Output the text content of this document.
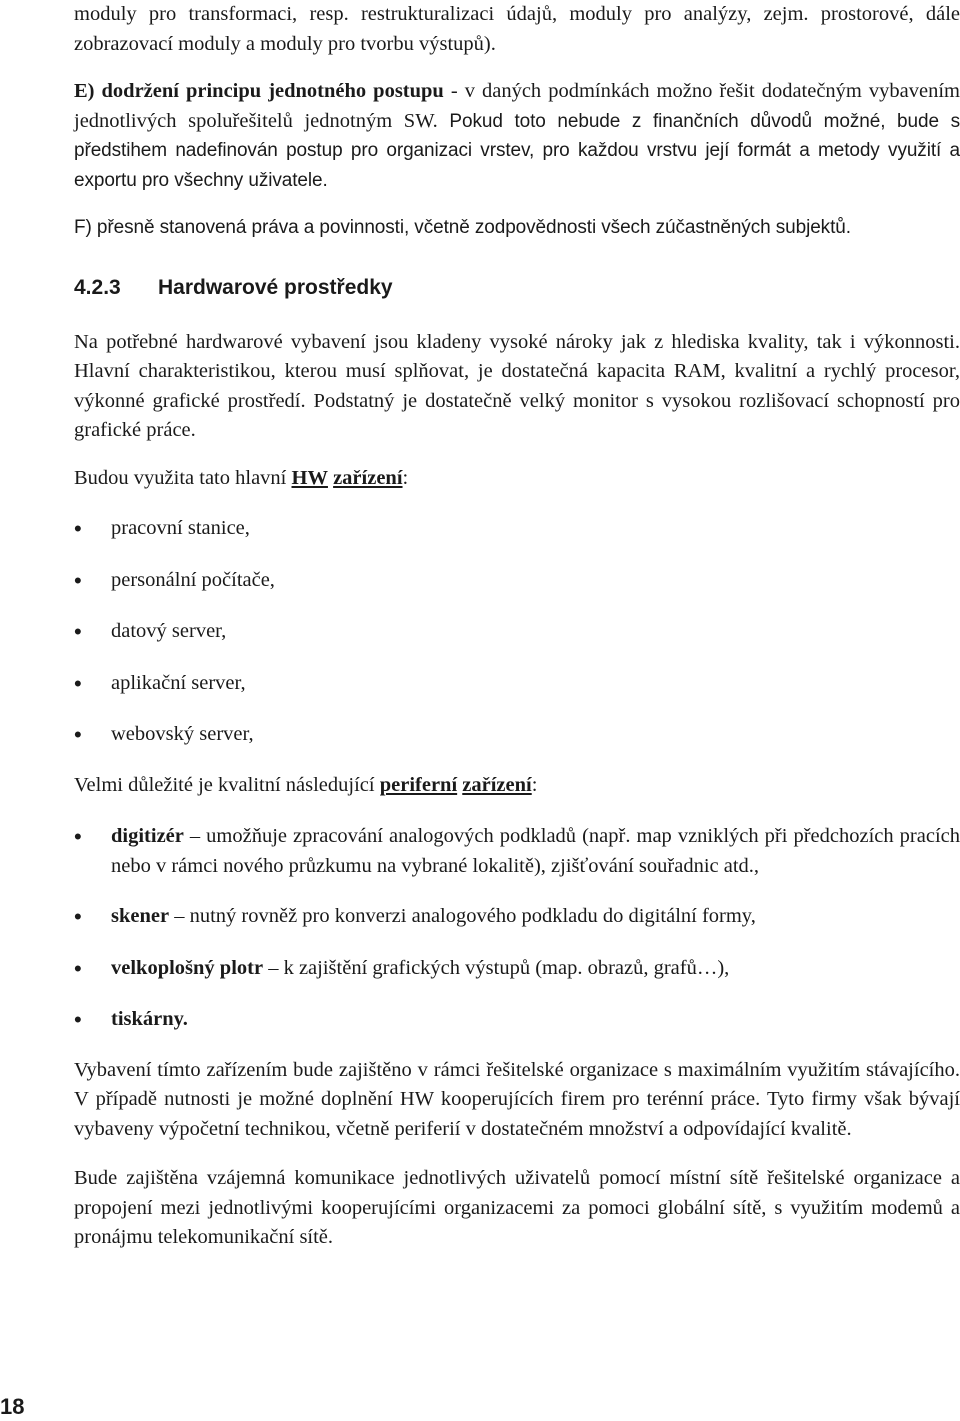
moduly pro transformaci, resp. restrukturalizaci údajů, moduly pro analýzy, zejm. prostorové, dále zobrazovací moduly a moduly pro tvorbu výstupů).

E) dodržení principu jednotného postupu - v daných podmínkách možno řešit dodatečným vybavením jednotlivých spoluřešitelů jednotným SW. Pokud toto nebude z finančních důvodů možné, bude s předstihem nadefinován postup pro organizaci vrstev, pro každou vrstvu její formát a metody využití a exportu pro všechny uživatele.

F) přesně stanovená práva a povinnosti, včetně zodpovědnosti všech zúčastněných subjektů.

4.2.3 Hardwarové prostředky

Na potřebné hardwarové vybavení jsou kladeny vysoké nároky jak z hlediska kvality, tak i výkonnosti. Hlavní charakteristikou, kterou musí splňovat, je dostatečná kapacita RAM, kvalitní a rychlý procesor, výkonné grafické prostředí. Podstatný je dostatečně velký monitor s vysokou rozlišovací schopností pro grafické práce.

Budou využita tato hlavní HW zařízení:

• pracovní stanice,
• personální počítače,
• datový server,
• aplikační server,
• webovský server,

Velmi důležité je kvalitní následující periferní zařízení:

• digitizér – umožňuje zpracování analogových podkladů (např. map vzniklých při předchozích pracích nebo v rámci nového průzkumu na vybrané lokalitě), zjišťování souřadnic atd.,
• skener – nutný rovněž pro konverzi analogového podkladu do digitální formy,
• velkoplošný plotr – k zajištění grafických výstupů (map. obrazů, grafů…),
• tiskárny.

Vybavení tímto zařízením bude zajištěno v rámci řešitelské organizace s maximálním využitím stávajícího. V případě nutnosti je možné doplnění HW kooperujících firem pro terénní práce. Tyto firmy však bývají vybaveny výpočetní technikou, včetně periferií v dostatečném množství a odpovídající kvalitě.

Bude zajištěna vzájemná komunikace jednotlivých uživatelů pomocí místní sítě řešitelské organizace a propojení mezi jednotlivými kooperujícími organizacemi za pomoci globální sítě, s využitím modemů a pronájmu telekomunikační sítě.

18
